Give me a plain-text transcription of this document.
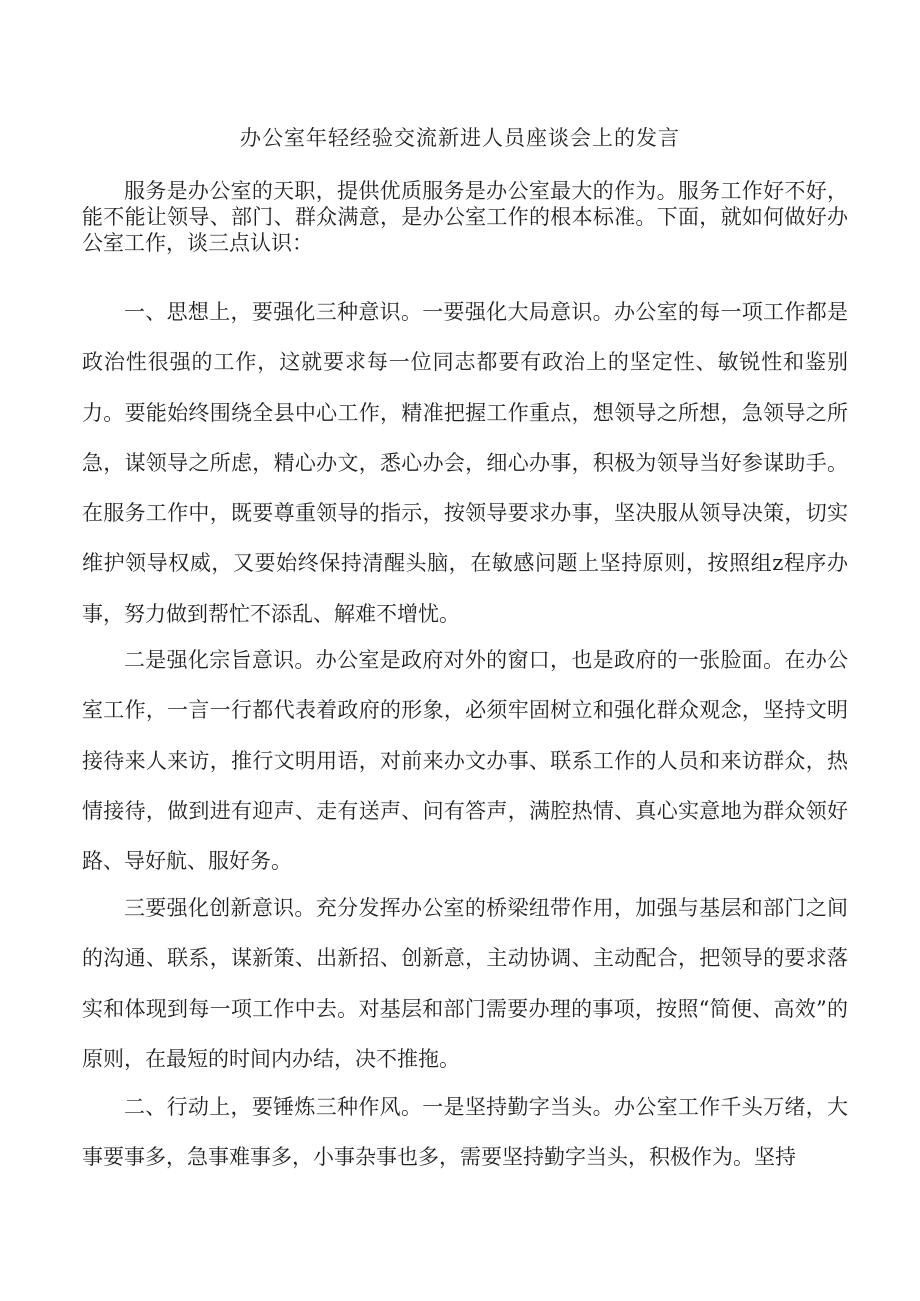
办公室年轻经验交流新进人员座谈会上的发言

服务是办公室的天职，提供优质服务是办公室最大的作为。服务工作好不好，能不能让领导、部门、群众满意，是办公室工作的根本标准。下面，就如何做好办公室工作，谈三点认识：

一、思想上，要强化三种意识。一要强化大局意识。办公室的每一项工作都是政治性很强的工作，这就要求每一位同志都要有政治上的坚定性、敏锐性和鉴别力。要能始终围绕全县中心工作，精准把握工作重点，想领导之所想，急领导之所急，谋领导之所虑，精心办文，悉心办会，细心办事，积极为领导当好参谋助手。在服务工作中，既要尊重领导的指示，按领导要求办事，坚决服从领导决策，切实维护领导权威，又要始终保持清醒头脑，在敏感问题上坚持原则，按照组z程序办事，努力做到帮忙不添乱、解难不增忧。

二是强化宗旨意识。办公室是政府对外的窗口，也是政府的一张脸面。在办公室工作，一言一行都代表着政府的形象，必须牢固树立和强化群众观念，坚持文明接待来人来访，推行文明用语，对前来办文办事、联系工作的人员和来访群众，热情接待，做到进有迎声、走有送声、问有答声，满腔热情、真心实意地为群众领好路、导好航、服好务。

三要强化创新意识。充分发挥办公室的桥梁纽带作用，加强与基层和部门之间的沟通、联系，谋新策、出新招、创新意，主动协调、主动配合，把领导的要求落实和体现到每一项工作中去。对基层和部门需要办理的事项，按照“简便、高效”的原则，在最短的时间内办结，决不推拖。

二、行动上，要锤炼三种作风。一是坚持勤字当头。办公室工作千头万绪，大事要事多，急事难事多，小事杂事也多，需要坚持勤字当头，积极作为。坚持
